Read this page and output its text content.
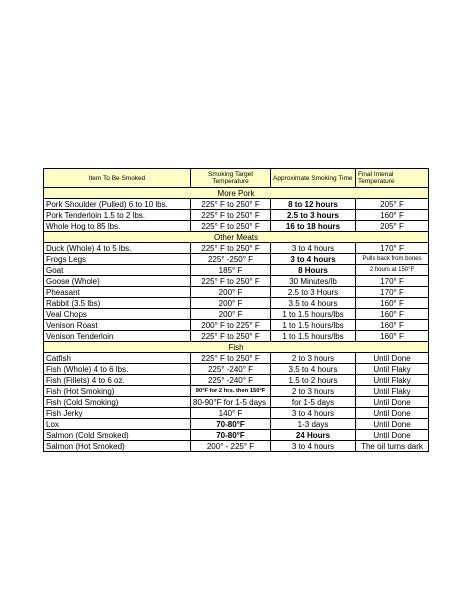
Item To Be Smoked	Smoking Target Temperature	Approximate Smoking Time	Final Intenal Temperature
More Pork			
Pork Shoulder (Pulled) 6 to 10 lbs.	225° F to 250° F	8 to 12 hours	205° F
Pork Tenderloin 1.5 to 2 lbs.	225° F to 250° F	2.5 to 3 hours	160° F
Whole Hog to 85 lbs.	225° F to 250° F	16 to 18 hours	205° F
Other Meats			
Duck (Whole) 4 to 5 lbs.	225° F to 250° F	3 to 4 hours	170° F
Frogs Legs	225° -250° F	3 to 4 hours	Pulls back from bones
Goat	185° F	8 Hours	2 hours at 150°F
Goose (Whole)	225° F to 250° F	30 Minutes/lb	170° F
Pheasant	200° F	2.5 to 3 Hours	170° F
Rabbit (3.5 lbs)	200° F	3.5 to 4 hours	160° F
Veal Chops	200° F	1 to 1.5 hours/lbs	160° F
Venison Roast	200° F to 225° F	1 to 1.5 hours/lbs	160° F
Venison Tenderloin	225° F to 250° F	1 to 1.5 hours/lbs	160° F
Fish			
Catfish	225° F to 250° F	2 to 3 hours	Until Done
Fish (Whole) 4 to 6 lbs.	225° -240° F	3.5 to 4 hours	Until Flaky
Fish (Fillets) 4 to 6 oz.	225° -240° F	1.5 to 2 hours	Until Flaky
Fish (Hot Smoking)	90°F for 2 hrs. then 150°F	2 to 3 hours	Until Flaky
Fish (Cold Smoking)	80-90°F for 1-5 days	for 1-5 days	Until Done
Fish Jerky	140° F	3 to 4 hours	Until Done
Lox	70-80°F	1-3 days	Until Done
Salmon (Cold Smoked)	70-80°F	24 Hours	Until Done
Salmon (Hot Smoked)	200° - 225° F	3 to 4 hours	The oil turns dark
